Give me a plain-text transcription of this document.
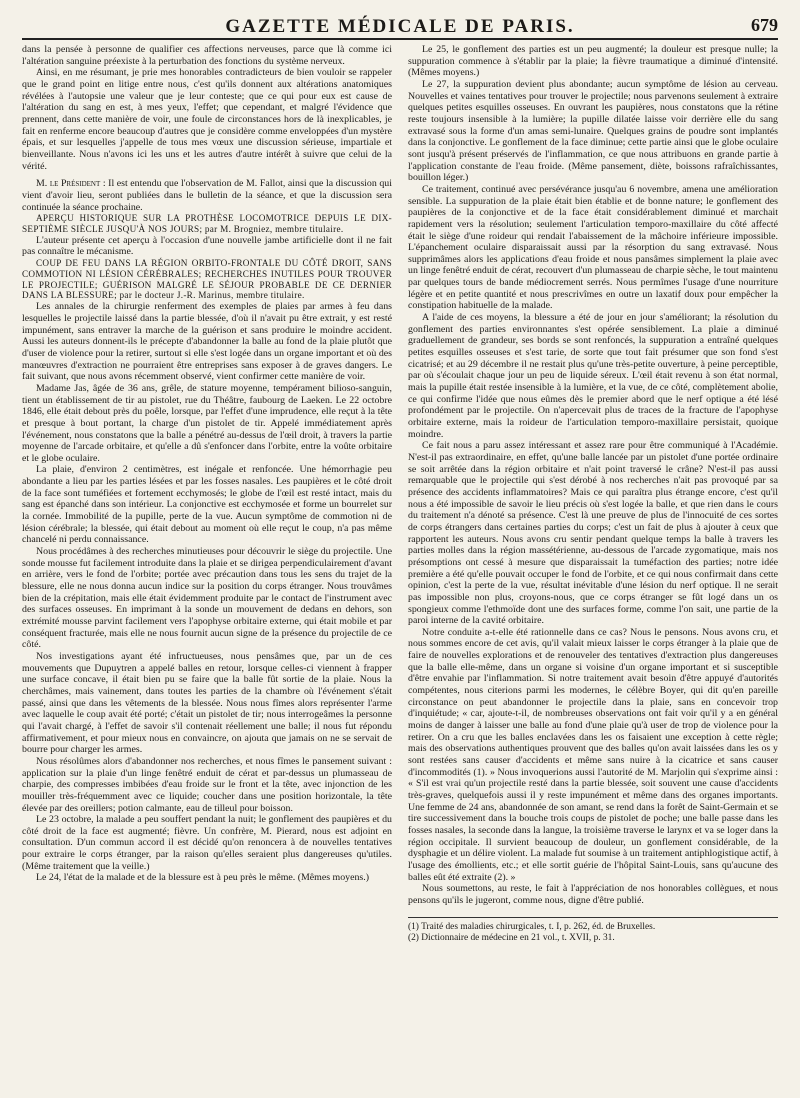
GAZETTE MÉDICALE DE PARIS.	679

dans la pensée à personne de qualifier ces affections nerveuses, parce que là comme ici l'altération sanguine préexiste à la perturbation des fonctions du système nerveux.

Ainsi, en me résumant, je prie mes honorables contradicteurs de bien vouloir se rappeler que le grand point en litige entre nous, c'est qu'ils donnent aux altérations anatomiques révélées à l'autopsie une valeur que je leur conteste; que ce qui pour eux est cause de l'altération du sang en est, à mes yeux, l'effet; que cependant, et malgré l'évidence que prennent, dans cette manière de voir, une foule de circonstances hors de là inexplicables, je fait en renferme encore beaucoup d'autres que je considère comme enveloppées d'un mystère épais, et sur lesquelles j'appelle de tous mes vœux une discussion sérieuse, impartiale et bienveillante. Nous n'avons ici les uns et les autres d'autre intérêt à suivre que celui de la vérité.

M. le Président : Il est entendu que l'observation de M. Fallot, ainsi que la discussion qui vient d'avoir lieu, seront publiées dans le bulletin de la séance, et que la discussion sera continuée la séance prochaine.

APERÇU HISTORIQUE SUR LA PROTHÈSE LOCOMOTRICE DEPUIS LE DIX-SEPTIÈME SIÈCLE JUSQU'À NOS JOURS; par M. Brogniez, membre titulaire.

L'auteur présente cet aperçu à l'occasion d'une nouvelle jambe artificielle dont il ne fait pas connaître le mécanisme.

COUP DE FEU DANS LA RÉGION ORBITO-FRONTALE DU CÔTÉ DROIT, SANS COMMOTION NI LÉSION CÉRÉBRALES; RECHERCHES INUTILES POUR TROUVER LE PROJECTILE; GUÉRISON MALGRÉ LE SÉJOUR PROBABLE DE CE DERNIER DANS LA BLESSURE; par le docteur J.-R. Marinus, membre titulaire.

Les annales de la chirurgie renferment des exemples de plaies par armes à feu dans lesquelles le projectile laissé dans la partie blessée, d'où il n'avait pu être extrait, y est resté impunément, sans entraver la marche de la guérison et sans produire le moindre accident. Aussi les auteurs donnent-ils le précepte d'abandonner la balle au fond de la plaie plutôt que d'user de violence pour la retirer, surtout si elle s'est logée dans un organe important et où des manœuvres d'extraction ne pourraient être entreprises sans exposer à de graves dangers. Le fait suivant, que nous avons récemment observé, vient confirmer cette manière de voir.

Madame Jas, âgée de 36 ans, grêle, de stature moyenne, tempérament bilioso-sanguin, tient un établissement de tir au pistolet, rue du Théâtre, faubourg de Laeken. Le 22 octobre 1846, elle était debout près du poêle, lorsque, par l'effet d'une imprudence, elle reçut à la tête et presque à bout portant, la charge d'un pistolet de tir. Appelé immédiatement après l'événement, nous constatons que la balle a pénétré au-dessus de l'œil droit, à travers la partie moyenne de l'arcade orbitaire, et qu'elle a dû s'enfoncer dans l'orbite, entre la voûte orbitaire et le globe oculaire.

La plaie, d'environ 2 centimètres, est inégale et renfoncée. Une hémorrhagie peu abondante a lieu par les parties lésées et par les fosses nasales. Les paupières et le côté droit de la face sont tuméfiées et fortement ecchymosés; le globe de l'œil est resté intact, mais du sang est épanché dans son intérieur. La conjonctive est ecchymosée et forme un bourrelet sur la cornée. Immobilité de la pupille, perte de la vue. Aucun symptôme de commotion ni de lésion cérébrale; la blessée, qui était debout au moment où elle reçut le coup, n'a pas même chancelé ni perdu connaissance.

Nous procédâmes à des recherches minutieuses pour découvrir le siège du projectile. Une sonde mousse fut facilement introduite dans la plaie et se dirigea perpendiculairement d'avant en arrière, vers le fond de l'orbite; portée avec précaution dans tous les sens du trajet de la blessure, elle ne nous donna aucun indice sur la position du corps étranger. Nous trouvâmes bien de la crépitation, mais elle était évidemment produite par le contact de l'instrument avec des surfaces osseuses. En imprimant à la sonde un mouvement de dedans en dehors, son extrémité mousse parvint facilement vers l'apophyse orbitaire externe, qui était mobile et par conséquent fracturée, mais elle ne nous fournit aucun signe de la présence du projectile de ce côté.

Nos investigations ayant été infructueuses, nous pensâmes que, par un de ces mouvements que Dupuytren a appelé balles en retour, lorsque celles-ci viennent à frapper une surface concave, il était bien pu se faire que la balle fût sortie de la plaie. Nous la cherchâmes, mais vainement, dans toutes les parties de la chambre où l'événement s'était passé, ainsi que dans les vêtements de la blessée. Nous nous fîmes alors représenter l'arme avec laquelle le coup avait été porté; c'était un pistolet de tir; nous interrogeâmes la personne qui l'avait chargé, à l'effet de savoir s'il contenait réellement une balle; il nous fut répondu affirmativement, et pour mieux nous en convaincre, on ajouta que jamais on ne se servait de bourre pour charger les armes.

Nous résolûmes alors d'abandonner nos recherches, et nous fîmes le pansement suivant : application sur la plaie d'un linge fenêtré enduit de cérat et par-dessus un plumasseau de charpie, des compresses imbibées d'eau froide sur le front et la tête, avec injonction de les mouiller très-fréquemment avec ce liquide; coucher dans une position horizontale, la tête élevée par des oreillers; potion calmante, eau de tilleul pour boisson.

Le 23 octobre, la malade a peu souffert pendant la nuit; le gonflement des paupières et du côté droit de la face est augmenté; fièvre. Un confrère, M. Pierard, nous est adjoint en consultation. D'un commun accord il est décidé qu'on renoncera à de nouvelles tentatives pour extraire le corps étranger, par la raison qu'elles seraient plus dangereuses qu'utiles. (Même traitement que la veille.)

Le 24, l'état de la malade et de la blessure est à peu près le même. (Mêmes moyens.)

Le 25, le gonflement des parties est un peu augmenté; la douleur est presque nulle; la suppuration commence à s'établir par la plaie; la fièvre traumatique a diminué d'intensité. (Mêmes moyens.)

Le 27, la suppuration devient plus abondante; aucun symptôme de lésion au cerveau. Nouvelles et vaines tentatives pour trouver le projectile; nous parvenons seulement à extraire quelques petites esquilles osseuses. En ouvrant les paupières, nous constatons que la rétine reste toujours insensible à la lumière; la pupille dilatée laisse voir derrière elle du sang extravasé sous la forme d'un amas semi-lunaire. Quelques grains de poudre sont implantés dans la conjonctive. Le gonflement de la face diminue; cette partie ainsi que le globe oculaire sont jusqu'à présent préservés de l'inflammation, ce que nous attribuons en grande partie à l'application constante de l'eau froide. (Même pansement, diète, boissons rafraîchissantes, bouillon léger.)

Ce traitement, continué avec persévérance jusqu'au 6 novembre, amena une amélioration sensible. La suppuration de la plaie était bien établie et de bonne nature; le gonflement des paupières de la conjonctive et de la face était considérablement diminué et marchait rapidement vers la résolution; seulement l'articulation temporo-maxillaire du côté affecté était le siège d'une roideur qui rendait l'abaissement de la mâchoire inférieure impossible. L'épanchement oculaire disparaissait aussi par la résorption du sang extravasé. Nous supprimâmes alors les applications d'eau froide et nous pansâmes simplement la plaie avec un linge fenêtré enduit de cérat, recouvert d'un plumasseau de charpie sèche, le tout maintenu par quelques tours de bande médiocrement serrés. Nous permîmes l'usage d'une nourriture légère et en petite quantité et nous prescrivîmes en outre un laxatif doux pour empêcher la constipation habituelle de la malade.

A l'aide de ces moyens, la blessure a été de jour en jour s'améliorant; la résolution du gonflement des parties environnantes s'est opérée sensiblement. La plaie a diminué graduellement de grandeur, ses bords se sont renfoncés, la suppuration a entraîné quelques petites esquilles osseuses et s'est tarie, de sorte que tout fait présumer que son fond s'est cicatrisé; et au 29 décembre il ne restait plus qu'une très-petite ouverture, à peine perceptible, par où s'écoulait chaque jour un peu de liquide séreux. L'œil était revenu à son état normal, mais la pupille était restée insensible à la lumière, et la vue, de ce côté, complètement abolie, ce qui confirme l'idée que nous eûmes dès le premier abord que le nerf optique a été lésé profondément par le projectile. On n'apercevait plus de traces de la fracture de l'apophyse orbitaire externe, mais la roideur de l'articulation temporo-maxillaire persistait, quoique moindre.

Ce fait nous a paru assez intéressant et assez rare pour être communiqué à l'Académie. N'est-il pas extraordinaire, en effet, qu'une balle lancée par un pistolet d'une portée ordinaire se soit arrêtée dans la région orbitaire et n'ait point traversé le crâne? N'est-il pas aussi remarquable que le projectile qui s'est dérobé à nos recherches n'ait pas provoqué par sa présence des accidents inflammatoires? Mais ce qui paraîtra plus étrange encore, c'est qu'il nous a été impossible de savoir le lieu précis où s'est logée la balle, et que rien dans le cours du traitement n'a dénoté sa présence. C'est là une preuve de plus de l'innocuité de ces sortes de corps étrangers dans certaines parties du corps; c'est un fait de plus à ajouter à ceux que rapportent les auteurs. Nous avons cru sentir pendant quelque temps la balle à travers les parties molles dans la région massétérienne, au-dessous de l'arcade zygomatique, mais nos présomptions ont cessé à mesure que disparaissait la tuméfaction des parties; notre idée première a été qu'elle pouvait occuper le fond de l'orbite, et ce qui nous confirmait dans cette opinion, c'est la perte de la vue, résultat inévitable d'une lésion du nerf optique. Il ne serait pas impossible non plus, croyons-nous, que ce corps étranger se fût logé dans un os spongieux comme l'ethmoïde dont une des surfaces forme, comme l'on sait, une partie de la paroi interne de la cavité orbitaire.

Notre conduite a-t-elle été rationnelle dans ce cas? Nous le pensons. Nous avons cru, et nous sommes encore de cet avis, qu'il valait mieux laisser le corps étranger à la plaie que de faire de nouvelles explorations et de renouveler des tentatives d'extraction plus dangereuses que la balle elle-même, dans un organe si voisine d'un organe important et si susceptible d'être envahie par l'inflammation. Si notre traitement avait besoin d'être appuyé d'autorités compétentes, nous citerions parmi les modernes, le célèbre Boyer, qui dit qu'en pareille circonstance on peut abandonner le projectile dans la plaie, sans en concevoir trop d'inquiétude; « car, ajoute-t-il, de nombreuses observations ont fait voir qu'il y a en général moins de danger à laisser une balle au fond d'une plaie qu'à user de trop de violence pour la retirer. On a cru que les balles enclavées dans les os faisaient une exception à cette règle; mais des observations authentiques prouvent que des balles qu'on avait laissées dans les os y sont restées sans causer d'accidents et même sans nuire à la cicatrice et sans causer d'incommodités (1). » Nous invoquerions aussi l'autorité de M. Marjolin qui s'exprime ainsi : « S'il est vrai qu'un projectile resté dans la partie blessée, soit souvent une cause d'accidents très-graves, quelquefois aussi il y reste impunément et même dans des organes importants. Une femme de 24 ans, abandonnée de son amant, se rend dans la forêt de Saint-Germain et se tire successivement dans la bouche trois coups de pistolet de poche; une balle passe dans les fosses nasales, la seconde dans la langue, la troisième traverse le larynx et va se loger dans la région occipitale. Il survient beaucoup de douleur, un gonflement considérable, de la dysphagie et un délire violent. La malade fut soumise à un traitement antiphlogistique actif, à l'usage des émollients, etc.; et elle sortit guérie de l'hôpital Saint-Louis, sans qu'aucune des balles eût été extraite (2). »

Nous soumettons, au reste, le fait à l'appréciation de nos honorables collègues, et nous pensons qu'ils le jugeront, comme nous, digne d'être publié.

(1) Traité des maladies chirurgicales, t. I, p. 262, éd. de Bruxelles.

(2) Dictionnaire de médecine en 21 vol., t. XVII, p. 31.
